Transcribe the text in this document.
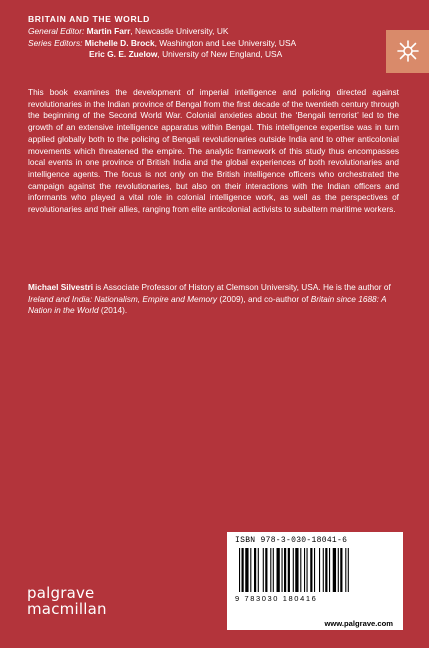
BRITAIN AND THE WORLD
General Editor: Martin Farr, Newcastle University, UK
Series Editors: Michelle D. Brock, Washington and Lee University, USA
Eric G. E. Zuelow, University of New England, USA

This book examines the development of imperial intelligence and policing directed against revolutionaries in the Indian province of Bengal from the first decade of the twentieth century through the beginning of the Second World War. Colonial anxieties about the ‘Bengali terrorist’ led to the growth of an extensive intelligence apparatus within Bengal. This intelligence expertise was in turn applied globally both to the policing of Bengali revolutionaries outside India and to other anticolonial movements which threatened the empire. The analytic framework of this study thus encompasses local events in one province of British India and the global experiences of both revolutionaries and intelligence agents. The focus is not only on the British intelligence officers who orchestrated the campaign against the revolutionaries, but also on their interactions with the Indian officers and informants who played a vital role in colonial intelligence work, as well as the perspectives of revolutionaries and their allies, ranging from elite anticolonial activists to subaltern maritime workers.

Michael Silvestri is Associate Professor of History at Clemson University, USA. He is the author of Ireland and India: Nationalism, Empire and Memory (2009), and co-author of Britain since 1688: A Nation in the World (2014).

palgrave
macmillan
ISBN 978-3-030-18041-6
9 783030 180416
www.palgrave.com
